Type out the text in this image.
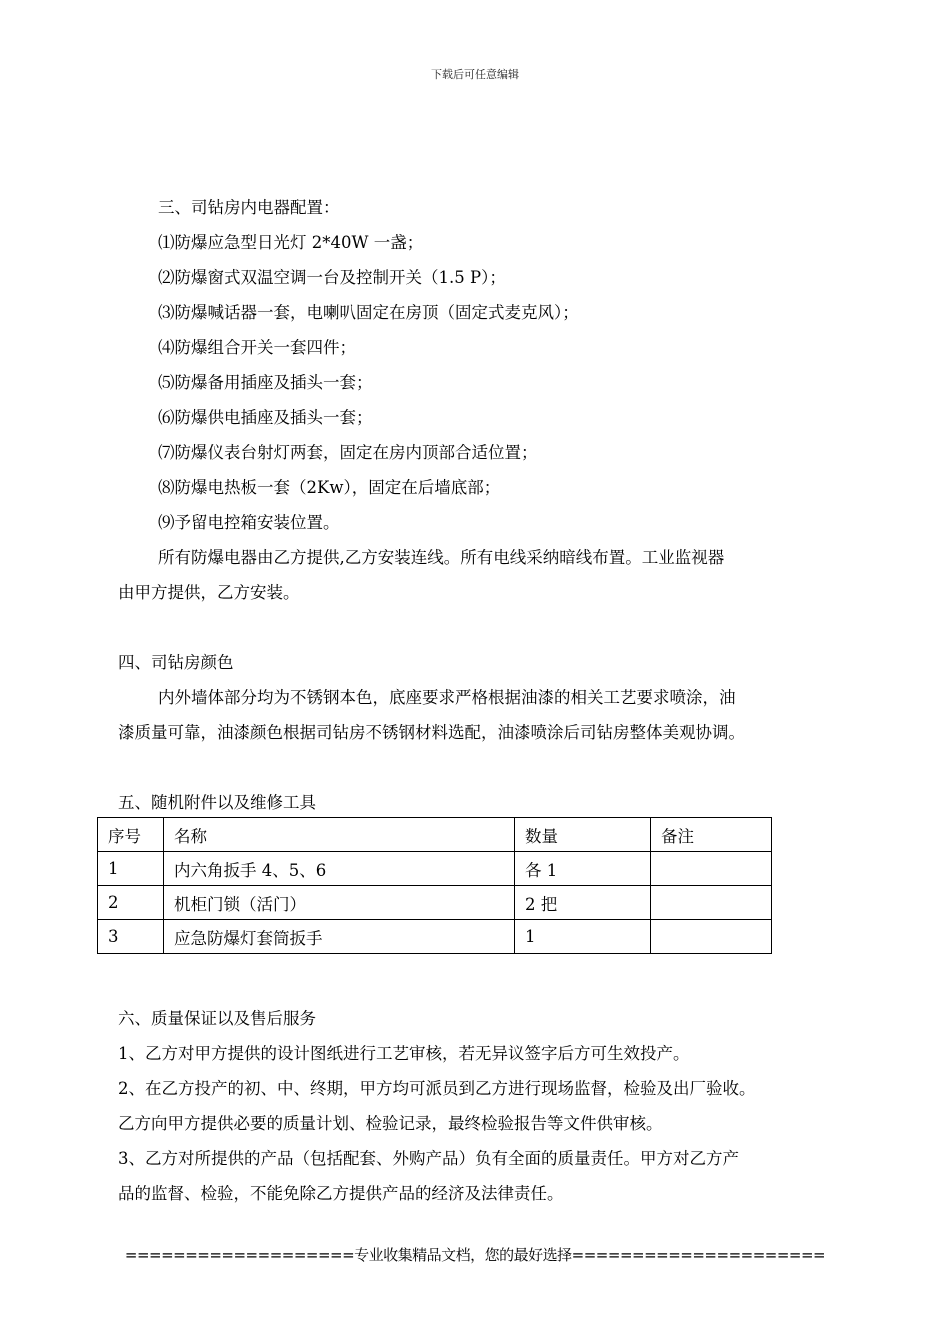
下载后可任意编辑
三、司钻房内电器配置：
⑴防爆应急型日光灯 2*40W 一盏；
⑵防爆窗式双温空调一台及控制开关（1.5 P）；
⑶防爆喊话器一套，电喇叭固定在房顶（固定式麦克风）；
⑷防爆组合开关一套四件；
⑸防爆备用插座及插头一套；
⑹防爆供电插座及插头一套；
⑺防爆仪表台射灯两套，固定在房内顶部合适位置；
⑻防爆电热板一套（2Kw），固定在后墙底部；
⑼予留电控箱安装位置。
所有防爆电器由乙方提供,乙方安装连线。所有电线采纳暗线布置。工业监视器
由甲方提供，乙方安装。
四、司钻房颜色
内外墙体部分均为不锈钢本色，底座要求严格根据油漆的相关工艺要求喷涂，油
漆质量可靠，油漆颜色根据司钻房不锈钢材料选配，油漆喷涂后司钻房整体美观协调。
五、随机附件以及维修工具
序号	名称	数量	备注
1	内六角扳手 4、5、6	各 1	
2	机柜门锁（活门）	2 把	
3	应急防爆灯套筒扳手	1	
六、质量保证以及售后服务
1、乙方对甲方提供的设计图纸进行工艺审核，若无异议签字后方可生效投产。
2、在乙方投产的初、中、终期，甲方均可派员到乙方进行现场监督，检验及出厂验收。
乙方向甲方提供必要的质量计划、检验记录，最终检验报告等文件供审核。
3、乙方对所提供的产品（包括配套、外购产品）负有全面的质量责任。甲方对乙方产
品的监督、检验，不能免除乙方提供产品的经济及法律责任。
===================专业收集精品文档，您的最好选择=====================
